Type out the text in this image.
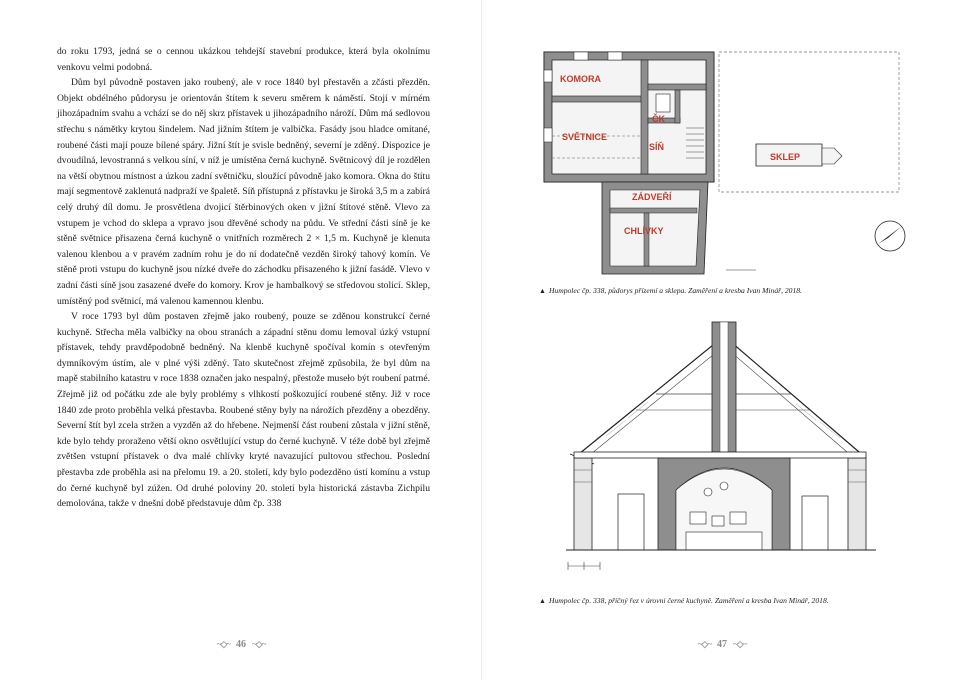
do roku 1793, jedná se o cennou ukázkou tehdejší stavební produkce, která byla okolnímu venkovu velmi podobná.

Dům byl původně postaven jako roubený, ale v roce 1840 byl přestavěn a zčásti přezděn. Objekt obdélného půdorysu je orientován štítem k severu směrem k náměstí. Stojí v mírném jihozápadním svahu a vchází se do něj skrz přístavek u jihozápadního nároží. Dům má sedlovou střechu s námětky krytou šindelem. Nad jižním štítem je valbička. Fasády jsou hladce omítané, roubené části mají pouze bílené spáry. Jižní štít je svisle bedněný, severní je zděný. Dispozice je dvoudílná, levostranná s velkou síní, v níž je umístěna černá kuchyně. Světnicový díl je rozdělen na větší obytnou místnost a úzkou zadní světničku, sloužící původně jako komora. Okna do štítu mají segmentově zaklenutá nadpraží ve špaletě. Síň přístupná z přístavku je široká 3,5 m a zabírá celý druhý díl domu. Je prosvětlena dvojicí štěrbinových oken v jižní štítové stěně. Vlevo za vstupem je vchod do sklepa a vpravo jsou dřevěné schody na půdu. Ve střední části síně je ke stěně světnice přisazena černá kuchyně o vnitřních rozměrech 2 × 1,5 m. Kuchyně je klenuta valenou klenbou a v pravém zadním rohu je do ní dodatečně vezděn široký tahový komín. Ve stěně proti vstupu do kuchyně jsou nízké dveře do záchodku přisazeného k jižní fasádě. Vlevo v zadní části síně jsou zasazené dveře do komory. Krov je hambalkový se středovou stolicí. Sklep, umístěný pod světnicí, má valenou kamennou klenbu.

V roce 1793 byl dům postaven zřejmě jako roubený, pouze se zděnou konstrukcí černé kuchyně. Střecha měla valbičky na obou stranách a západní stěnu domu lemoval úzký vstupní přístavek, tehdy pravděpodobně bedněný. Na klenbě kuchyně spočíval komín s otevřeným dymníkovým ústím, ale v plné výši zděný. Tato skutečnost zřejmě způsobila, že byl dům na mapě stabilního katastru v roce 1838 označen jako nespalný, přestože museło být roubení patrné. Zřejmě již od počátku zde ale byly problémy s vlhkostí poškozující roubené stěny. Již v roce 1840 zde proto proběhla velká přestavba. Roubené stěny byly na nárožích přezděny a obezděny. Severní štít byl zcela stržen a vyzděn až do hřebene. Nejmenší část roubení zůstala v jižní stěně, kde bylo tehdy proraženo větší okno osvětlující vstup do černé kuchyně. V téže době byl zřejmě zvětšen vstupní přístavek o dva malé chlívky kryté navazující pultovou střechou. Poslední přestavba zde proběhla asi na přelomu 19. a 20. století, kdy bylo podezděno ústí komínu a vstup do černé kuchyně byl zúžen. Od druhé poloviny 20. století byla historická zástavba Zichpilu demolována, takže v dnešní době představuje dům čp. 338

~◇~ 46 ~◇~
KOMORA
ČK
SVĚTNICE
SÍŇ
ZÁDVEŘÍ
CHLÍVKY
SKLEP
▲ Humpolec čp. 338, půdorys přízemí a sklepa. Zaměření a kresba Ivan Minář, 2018.
▲ Humpolec čp. 338, příčný řez v úrovni černé kuchyně. Zaměření a kresba Ivan Minář, 2018.
~◇~ 47 ~◇~
